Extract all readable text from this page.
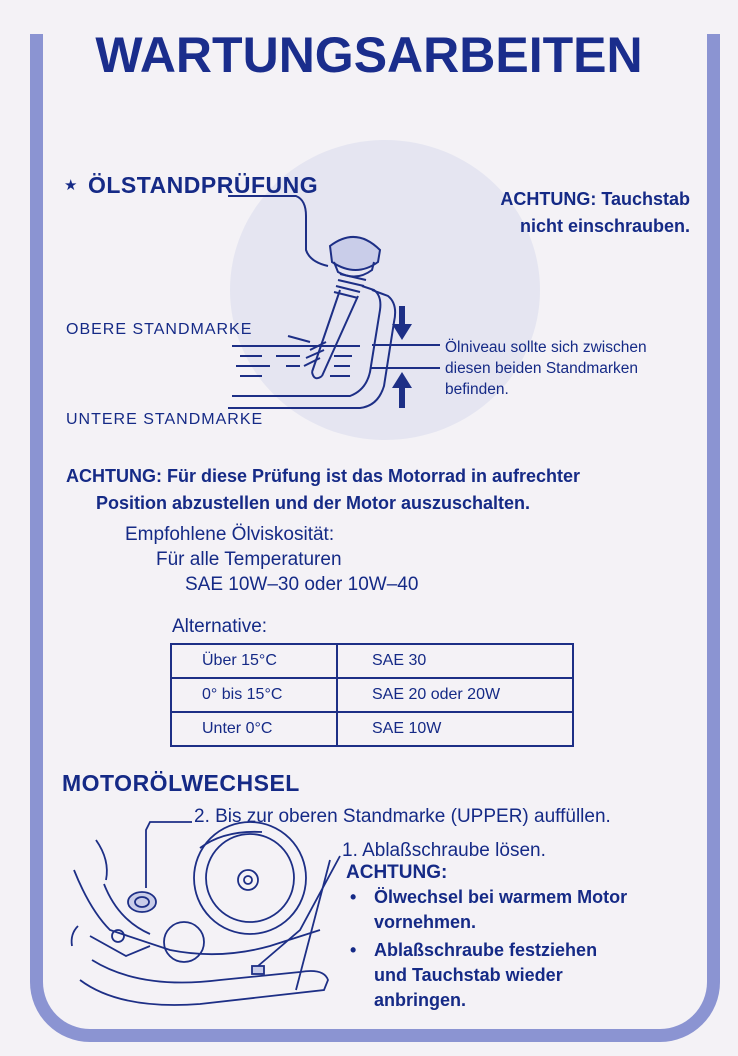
WARTUNGSARBEITEN
★ ÖLSTANDPRÜFUNG
ACHTUNG: Tauchstab
nicht einschrauben.
OBERE STANDMARKE
UNTERE STANDMARKE
Ölniveau sollte sich zwischen
diesen beiden Standmarken
befinden.
ACHTUNG: Für diese Prüfung ist das Motorrad in aufrechter
Position abzustellen und der Motor auszuschalten.
Empfohlene Ölviskosität:
Für alle Temperaturen
SAE 10W–30 oder 10W–40
Alternative:
Über 15°C	SAE 30
0° bis 15°C	SAE 20 oder 20W
Unter 0°C	SAE 10W
MOTORÖLWECHSEL
2. Bis zur oberen Standmarke (UPPER) auffüllen.
1. Ablaßschraube lösen.
ACHTUNG:
• Ölwechsel bei warmem Motor
vornehmen.
• Ablaßschraube festziehen
und Tauchstab wieder
anbringen.
